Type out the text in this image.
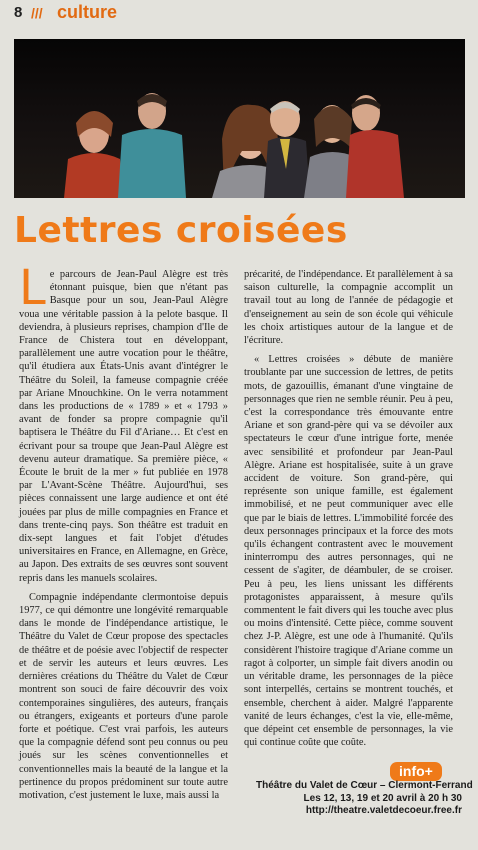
8 /// culture
Lettres croisées

Le parcours de Jean-Paul Alègre est très étonnant puisque, bien que n'étant pas Basque pour un sou, Jean-Paul Alègre voua une véritable passion à la pelote basque. Il deviendra, à plusieurs reprises, champion d'Ile de France de Chistera tout en développant, parallèlement une autre vocation pour le théâtre, qu'il étudiera aux États-Unis avant d'intégrer le Théâtre du Soleil, la fameuse compagnie créée par Ariane Mnouchkine. On le verra notamment dans les productions de « 1789 » et « 1793 » avant de fonder sa propre compagnie qu'il baptisera le Théâtre du Fil d'Ariane… Et c'est en écrivant pour sa troupe que Jean-Paul Alègre est devenu auteur dramatique. Sa première pièce, « Écoute le bruit de la mer » fut publiée en 1978 par L'Avant-Scène Théâtre. Aujourd'hui, ses pièces connaissent une large audience et ont été jouées par plus de mille compagnies en France et dans trente-cinq pays. Son théâtre est traduit en dix-sept langues et fait l'objet d'études universitaires en France, en Allemagne, en Grèce, au Japon. Des extraits de ses œuvres sont souvent repris dans les manuels scolaires.

Compagnie indépendante clermontoise depuis 1977, ce qui démontre une longévité remarquable dans le monde de l'indépendance artistique, le Théâtre du Valet de Cœur propose des spectacles de théâtre et de poésie avec l'objectif de respecter et de servir les auteurs et leurs œuvres. Les dernières créations du Théâtre du Valet de Cœur montrent son souci de faire découvrir des voix contemporaines singulières, des auteurs, français ou étrangers, exigeants et porteurs d'une parole forte et poétique. C'est vrai parfois, les auteurs que la compagnie défend sont peu connus ou peu joués sur les scènes conventionnelles et conventionnelles mais la beauté de la langue et la pertinence du propos prédominent sur toute autre motivation, c'est justement le luxe, mais aussi la

précarité, de l'indépendance. Et parallèlement à sa saison culturelle, la compagnie accomplit un travail tout au long de l'année de pédagogie et d'enseignement au sein de son école qui véhicule les choix artistiques autour de la langue et de l'écriture.

« Lettres croisées » débute de manière troublante par une succession de lettres, de petits mots, de gazouillis, émanant d'une vingtaine de personnages que rien ne semble réunir. Peu à peu, c'est la correspondance très émouvante entre Ariane et son grand-père qui va se dévoiler aux spectateurs le cœur d'une intrigue forte, menée avec sensibilité et profondeur par Jean-Paul Alègre. Ariane est hospitalisée, suite à un grave accident de voiture. Son grand-père, qui représente son unique famille, est également immobilisé, et ne peut communiquer avec elle que par le biais de lettres. L'immobilité forcée des deux personnages principaux et la force des mots qu'ils échangent contrastent avec le mouvement ininterrompu des autres personnages, qui ne cessent de s'agiter, de déambuler, de se croiser. Peu à peu, les liens unissant les différents protagonistes apparaissent, à mesure qu'ils commentent le fait divers qui les touche avec plus ou moins d'intensité. Cette pièce, comme souvent chez J-P. Alègre, est une ode à l'humanité. Qu'ils considèrent l'histoire tragique d'Ariane comme un ragot à colporter, un simple fait divers anodin ou un véritable drame, les personnages de la pièce sont interpellés, certains se montrent touchés, et ensemble, cherchent à aider. Malgré l'apparente vanité de leurs échanges, c'est la vie, elle-même, que dépeint cet ensemble de personnages, la vie qui continue coûte que coûte.

info+
Théâtre du Valet de Cœur – Clermont-Ferrand
Les 12, 13, 19 et 20 avril à 20 h 30
http://theatre.valetdecoeur.free.fr
